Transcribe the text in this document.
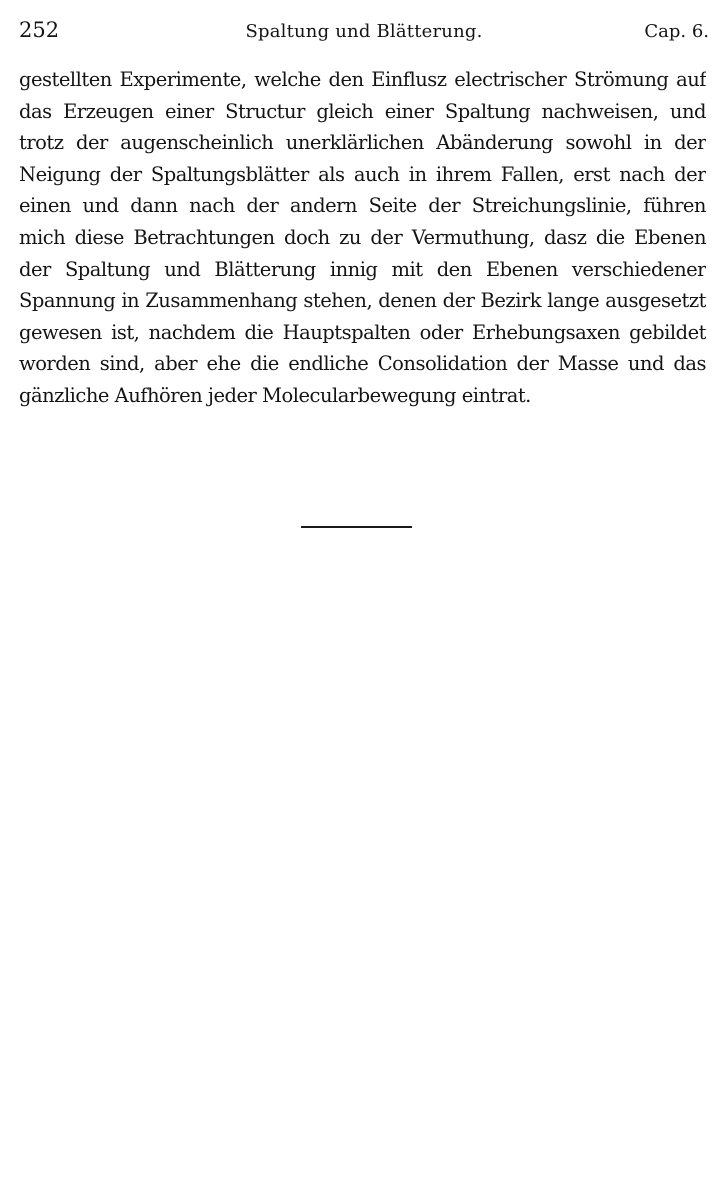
252	Spaltung und Blätterung.	Cap. 6.
gestellten Experimente, welche den Einflusz electrischer Strömung auf
das Erzeugen einer Structur gleich einer Spaltung nachweisen, und
trotz der augenscheinlich unerklärlichen Abänderung sowohl in der
Neigung der Spaltungsblätter als auch in ihrem Fallen, erst nach der
einen und dann nach der andern Seite der Streichungslinie, führen
mich diese Betrachtungen doch zu der Vermuthung, dasz die Ebenen
der Spaltung und Blätterung innig mit den Ebenen verschiedener
Spannung in Zusammenhang stehen, denen der Bezirk lange ausgesetzt
gewesen ist, nachdem die Hauptspalten oder Erhebungsaxen gebildet
worden sind, aber ehe die endliche Consolidation der Masse und das
gänzliche Aufhören jeder Molecularbewegung eintrat.
